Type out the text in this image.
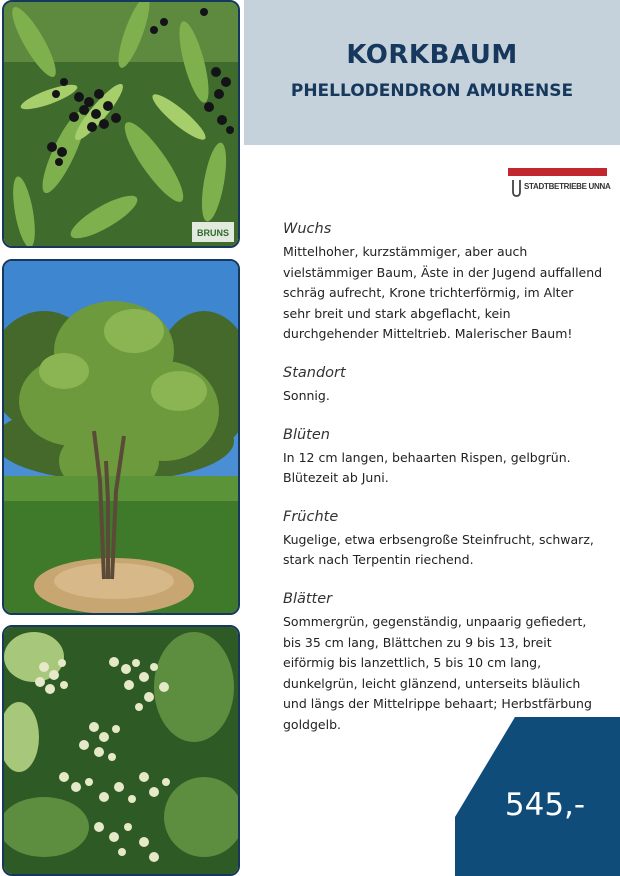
BRUNS
KORKBAUM
PHELLODENDRON AMURENSE
STADTBETRIEBE UNNA
Wuchs

Mittelhoher, kurzstämmiger, aber auch vielstämmiger Baum, Äste in der Jugend auffallend schräg aufrecht, Krone trichterförmig, im Alter sehr breit und stark abgeflacht, kein durchgehender Mitteltrieb. Malerischer Baum!

Standort

Sonnig.

Blüten

In 12 cm langen, behaarten Rispen, gelbgrün. Blütezeit ab Juni.

Früchte

Kugelige, etwa erbsengroße Steinfrucht, schwarz, stark nach Terpentin riechend.

Blätter

Sommergrün, gegenständig, unpaarig gefiedert, bis 35 cm lang, Blättchen zu 9 bis 13, breit eiförmig bis lanzettlich, 5 bis 10 cm lang, dunkelgrün, leicht glänzend, unterseits bläulich und längs der Mittelrippe behaart; Herbstfärbung goldgelb.

545,-
